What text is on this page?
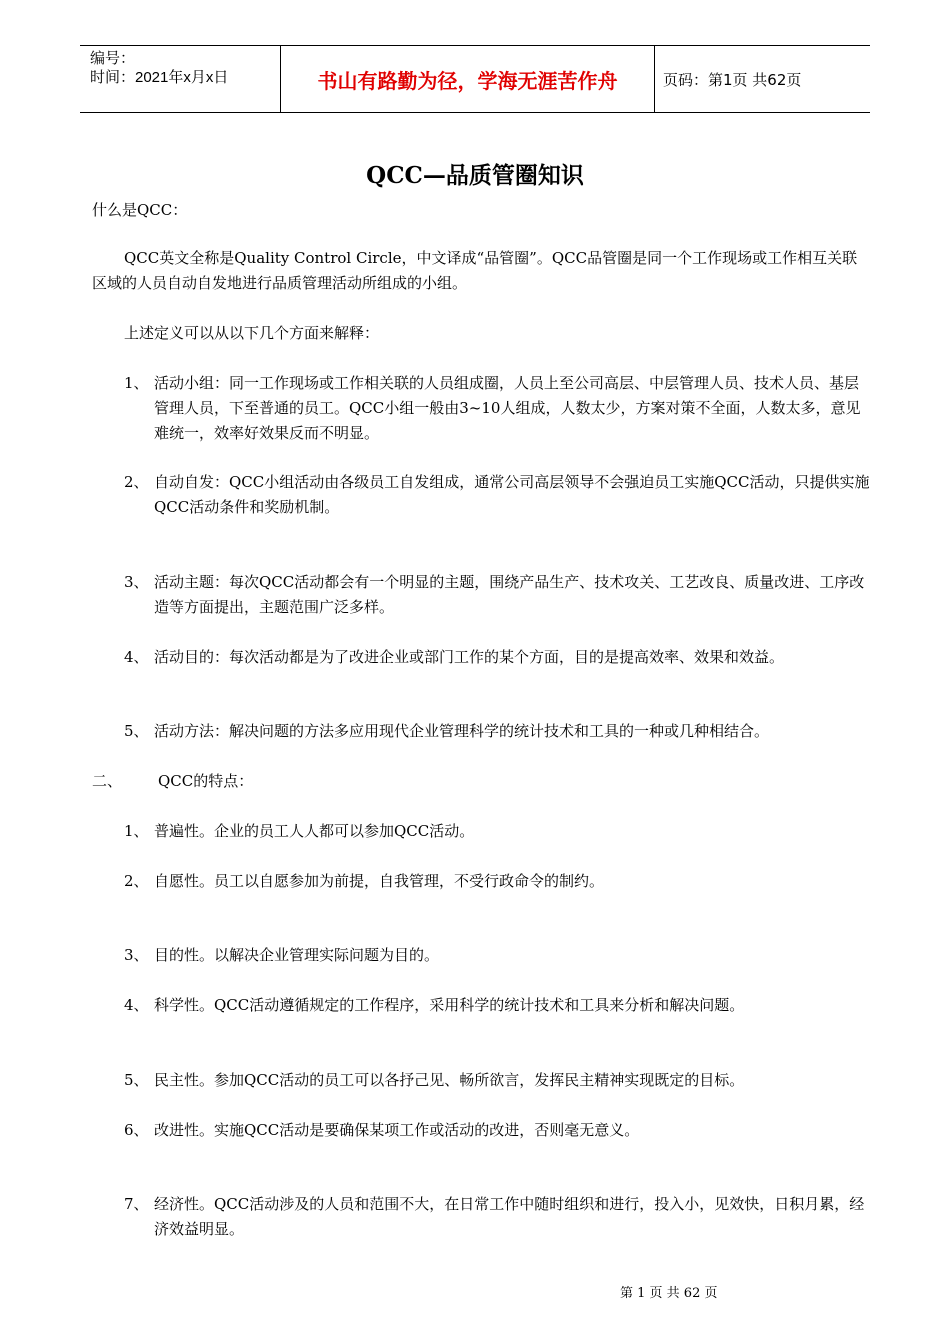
编号：
时间：2021年x月x日	书山有路勤为径，学海无涯苦作舟	页码：第1页 共62页
QCC—品质管圈知识
什么是QCC：
QCC英文全称是Quality Control Circle，中文译成“品管圈”。QCC品管圈是同一个工作现场或工作相互关联区域的人员自动自发地进行品质管理活动所组成的小组。
上述定义可以从以下几个方面来解释：
1、 活动小组：同一工作现场或工作相关联的人员组成圈，人员上至公司高层、中层管理人员、技术人员、基层管理人员，下至普通的员工。QCC小组一般由3~10人组成，人数太少，方案对策不全面，人数太多，意见难统一，效率好效果反而不明显。
2、 自动自发：QCC小组活动由各级员工自发组成，通常公司高层领导不会强迫员工实施QCC活动，只提供实施QCC活动条件和奖励机制。
3、 活动主题：每次QCC活动都会有一个明显的主题，围绕产品生产、技术攻关、工艺改良、质量改进、工序改造等方面提出，主题范围广泛多样。
4、 活动目的：每次活动都是为了改进企业或部门工作的某个方面，目的是提高效率、效果和效益。
5、 活动方法：解决问题的方法多应用现代企业管理科学的统计技术和工具的一种或几种相结合。
二、 QCC的特点：
1、 普遍性。企业的员工人人都可以参加QCC活动。
2、 自愿性。员工以自愿参加为前提，自我管理，不受行政命令的制约。
3、 目的性。以解决企业管理实际问题为目的。
4、 科学性。QCC活动遵循规定的工作程序，采用科学的统计技术和工具来分析和解决问题。
5、 民主性。参加QCC活动的员工可以各抒己见、畅所欲言，发挥民主精神实现既定的目标。
6、 改进性。实施QCC活动是要确保某项工作或活动的改进，否则毫无意义。
7、 经济性。QCC活动涉及的人员和范围不大，在日常工作中随时组织和进行，投入小，见效快，日积月累，经济效益明显。
第 1 页 共 62 页
